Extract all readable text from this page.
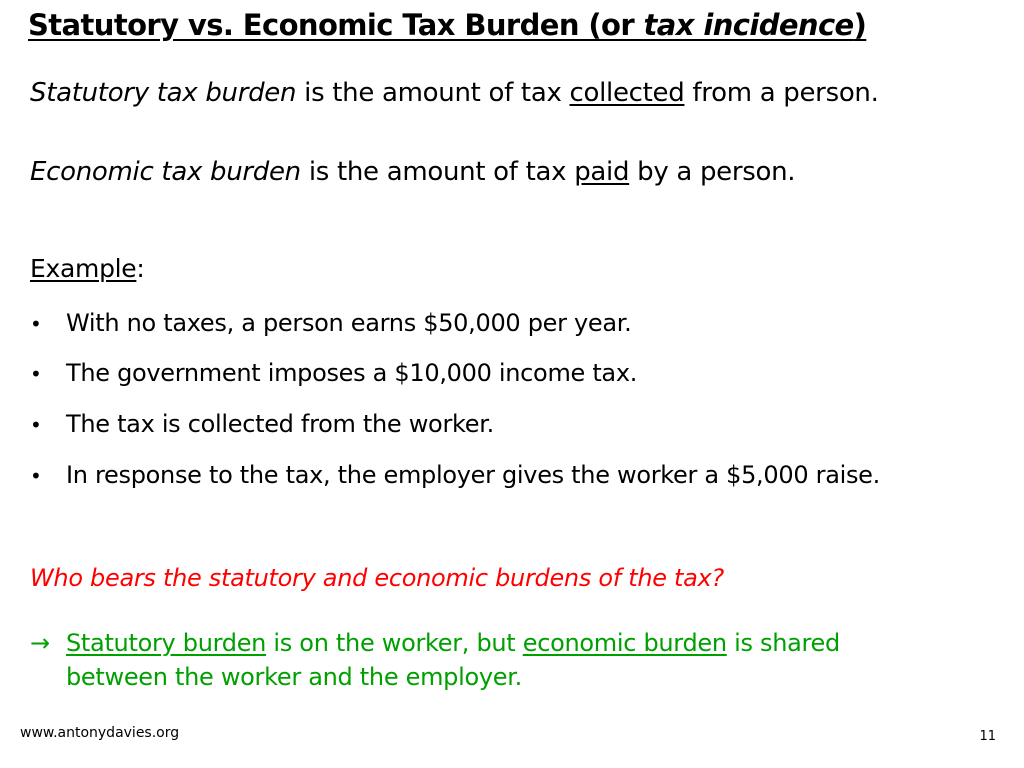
Statutory vs. Economic Tax Burden (or tax incidence)
Statutory tax burden is the amount of tax collected from a person.
Economic tax burden is the amount of tax paid by a person.
Example:
• With no taxes, a person earns $50,000 per year.
• The government imposes a $10,000 income tax.
• The tax is collected from the worker.
• In response to the tax, the employer gives the worker a $5,000 raise.
Who bears the statutory and economic burdens of the tax?
→ Statutory burden is on the worker, but economic burden is shared
between the worker and the employer.
www.antonydavies.org	11
